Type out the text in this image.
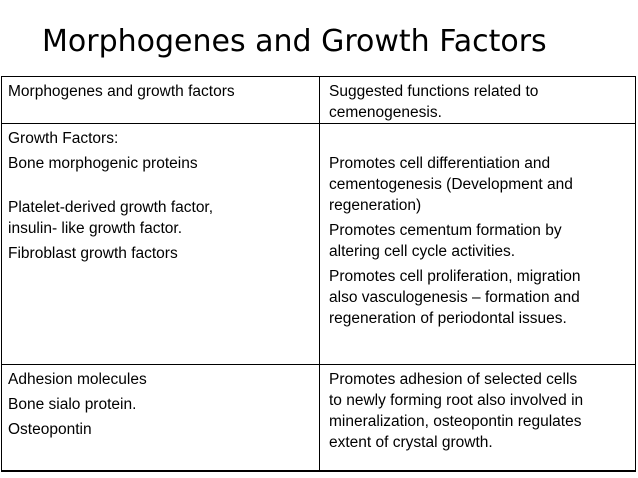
Morphogenes and Growth Factors
Morphogenes and growth factors	Suggested functions related to
cemenogenesis.
Growth Factors:
Bone morphogenic proteins
Platelet-derived growth factor,
insulin- like growth factor.
Fibroblast growth factors
Promotes cell differentiation and
cementogenesis (Development and
regeneration)
Promotes cementum formation by
altering cell cycle activities.
Promotes cell proliferation, migration
also vasculogenesis – formation and
regeneration of periodontal issues.
Adhesion molecules
Bone sialo protein.
Osteopontin
Promotes adhesion of selected cells
to newly forming root also involved in
mineralization, osteopontin regulates
extent of crystal growth.
